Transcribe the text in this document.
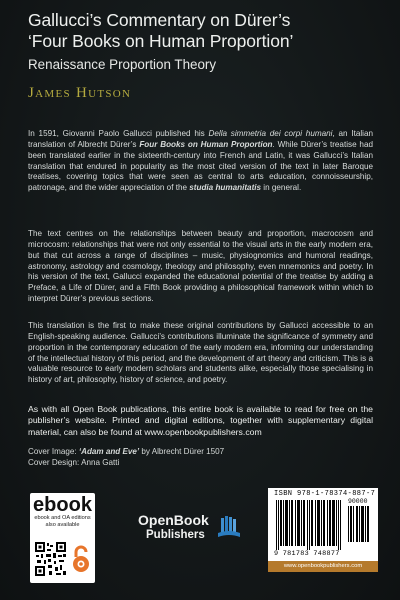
Gallucci’s Commentary on Dürer’s
‘Four Books on Human Proportion’
Renaissance Proportion Theory
James Hutson

In 1591, Giovanni Paolo Gallucci published his Della simmetria dei corpi humani, an Italian translation of Albrecht Dürer’s Four Books on Human Proportion. While Dürer’s treatise had been translated earlier in the sixteenth-century into French and Latin, it was Gallucci’s Italian translation that endured in popularity as the most cited version of the text in later Baroque treatises, covering topics that were seen as central to arts education, connoisseurship, patronage, and the wider appreciation of the studia humanitatis in general.

The text centres on the relationships between beauty and proportion, macrocosm and microcosm: relationships that were not only essential to the visual arts in the early modern era, but that cut across a range of disciplines – music, physiognomics and humoral readings, astronomy, astrology and cosmology, theology and philosophy, even mnemonics and poetry. In his version of the text, Gallucci expanded the educational potential of the treatise by adding a Preface, a Life of Dürer, and a Fifth Book providing a philosophical framework within which to interpret Dürer’s previous sections.

This translation is the first to make these original contributions by Gallucci accessible to an English-speaking audience. Gallucci’s contributions illuminate the significance of symmetry and proportion in the contemporary education of the early modern era, informing our understanding of the intellectual history of this period, and the development of art theory and criticism. This is a valuable resource to early modern scholars and students alike, especially those specialising in history of art, philosophy, history of science, and poetry.

As with all Open Book publications, this entire book is available to read for free on the publisher’s website. Printed and digital editions, together with supplementary digital material, can also be found at www.openbookpublishers.com

Cover Image: ‘Adam and Eve’ by Albrecht Dürer 1507
Cover Design: Anna Gatti
ebook
ebook and OA editions
also available	OpenBook
Publishers
ISBN 978-1-78374-887-7
90000
9 781783 748877
www.openbookpublishers.com
